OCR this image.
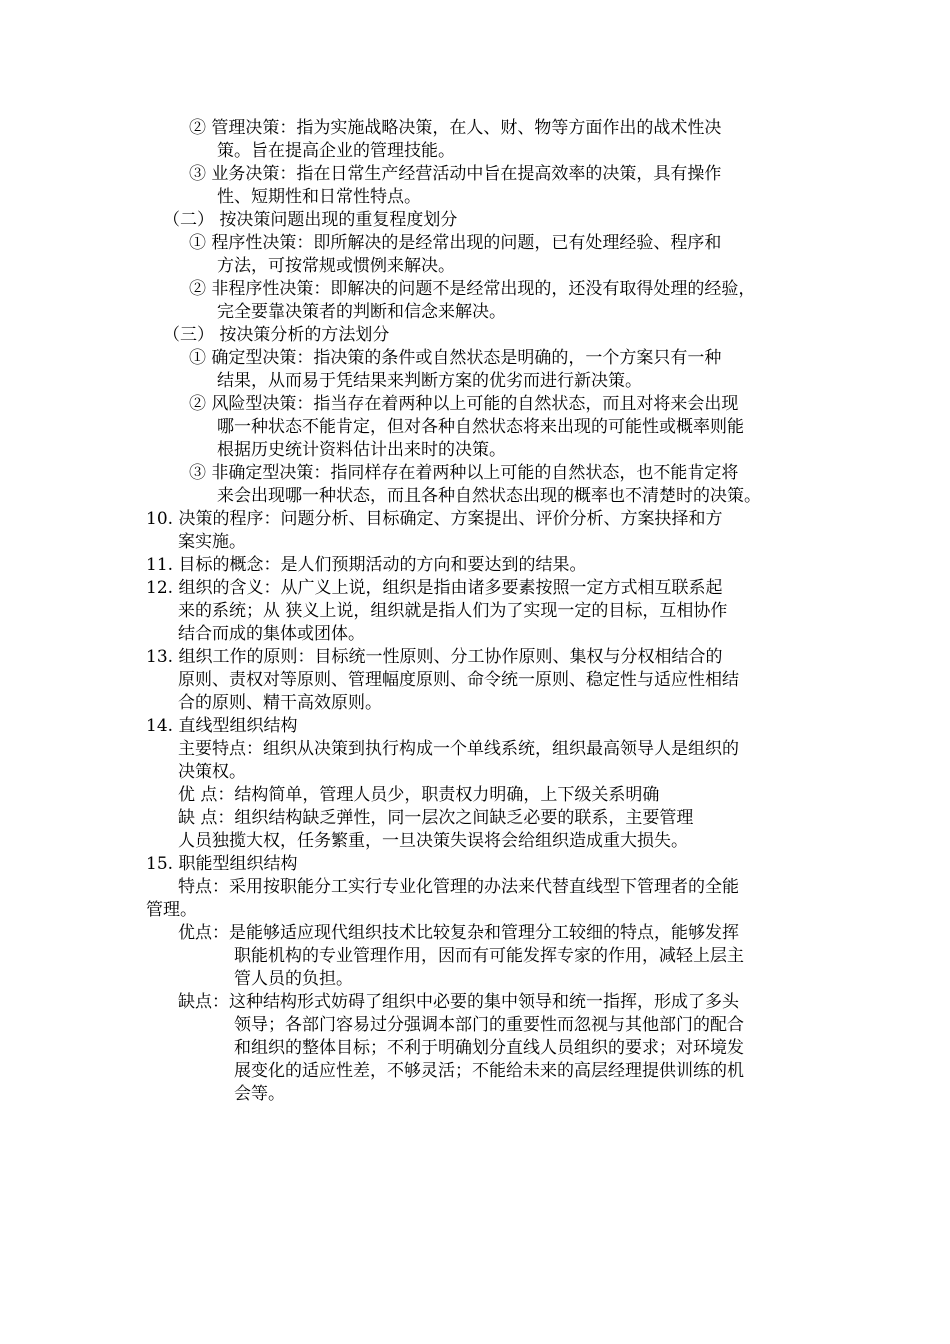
② 管理决策：指为实施战略决策，在人、财、物等方面作出的战术性决
策。旨在提高企业的管理技能。
③ 业务决策：指在日常生产经营活动中旨在提高效率的决策，具有操作
性、短期性和日常性特点。
（二） 按决策问题出现的重复程度划分
① 程序性决策：即所解决的是经常出现的问题，已有处理经验、程序和
方法，可按常规或惯例来解决。
② 非程序性决策：即解决的问题不是经常出现的，还没有取得处理的经验，
完全要靠决策者的判断和信念来解决。
（三） 按决策分析的方法划分
① 确定型决策：指决策的条件或自然状态是明确的，一个方案只有一种
结果，从而易于凭结果来判断方案的优劣而进行新决策。
② 风险型决策：指当存在着两种以上可能的自然状态，而且对将来会出现
哪一种状态不能肯定，但对各种自然状态将来出现的可能性或概率则能
根据历史统计资料估计出来时的决策。
③ 非确定型决策：指同样存在着两种以上可能的自然状态，也不能肯定将
来会出现哪一种状态，而且各种自然状态出现的概率也不清楚时的决策。
10. 决策的程序：问题分析、目标确定、方案提出、评价分析、方案抉择和方
案实施。
11. 目标的概念：是人们预期活动的方向和要达到的结果。
12. 组织的含义：从广义上说，组织是指由诸多要素按照一定方式相互联系起
来的系统；从 狭义上说，组织就是指人们为了实现一定的目标，互相协作
结合而成的集体或团体。
13. 组织工作的原则：目标统一性原则、分工协作原则、集权与分权相结合的
原则、责权对等原则、管理幅度原则、命令统一原则、稳定性与适应性相结
合的原则、精干高效原则。
14. 直线型组织结构
主要特点：组织从决策到执行构成一个单线系统，组织最高领导人是组织的
决策权。
优 点：结构简单，管理人员少，职责权力明确，上下级关系明确
缺 点：组织结构缺乏弹性，同一层次之间缺乏必要的联系，主要管理
人员独揽大权，任务繁重，一旦决策失误将会给组织造成重大损失。
15. 职能型组织结构
特点：采用按职能分工实行专业化管理的办法来代替直线型下管理者的全能
管理。
优点：是能够适应现代组织技术比较复杂和管理分工较细的特点，能够发挥
职能机构的专业管理作用，因而有可能发挥专家的作用，减轻上层主
管人员的负担。
缺点：这种结构形式妨碍了组织中必要的集中领导和统一指挥，形成了多头
领导；各部门容易过分强调本部门的重要性而忽视与其他部门的配合
和组织的整体目标；不利于明确划分直线人员组织的要求；对环境发
展变化的适应性差，不够灵活；不能给未来的高层经理提供训练的机
会等。
